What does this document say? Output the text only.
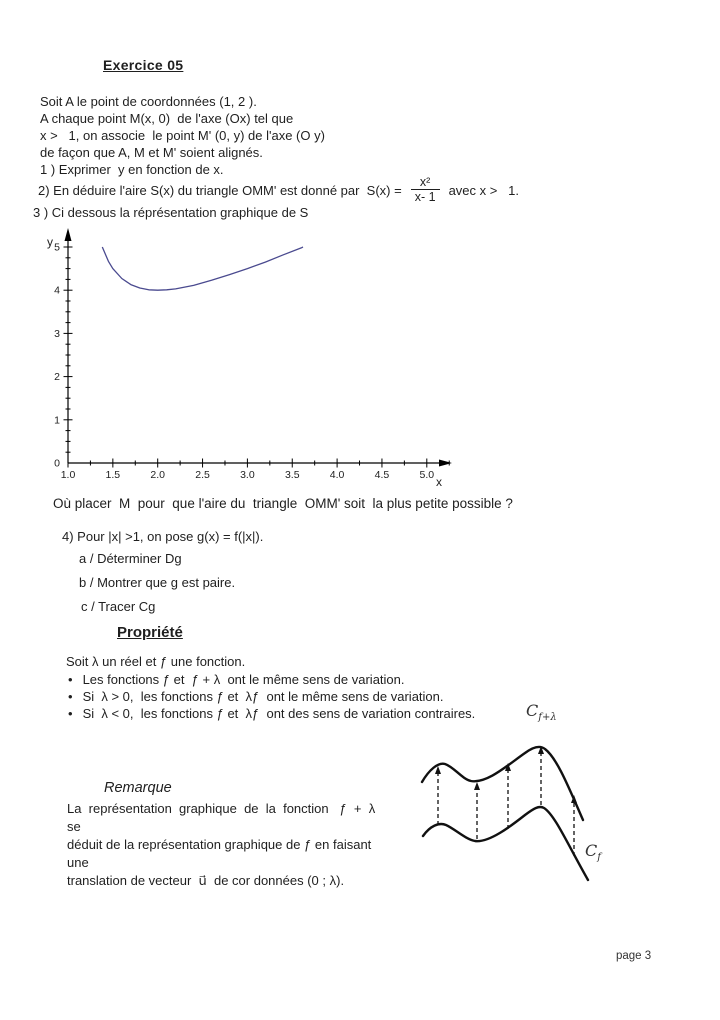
Exercice 05
Soit A le point de coordonnées (1, 2 ).
A chaque point M(x, 0)  de l'axe (Ox) tel que
x >   1, on associe  le point M' (0, y) de l'axe (O y)
de façon que A, M et M' soient alignés.
1 ) Exprimer  y en fonction de x.
2) En déduire l'aire S(x) du triangle OMM' est donné par  $S(x) = \frac{\text{x²}}{x- 1}$ avec x >   1.
3 ) Ci dessous la réprésentation graphique de S
1.0	1.5	2.0	2.5	3.0	3.5	4.0	4.5	5.0
0
1
2
3
4
5
y
x
Où placer  M  pour  que l'aire du  triangle  OMM' soit  la plus petite possible ?
4) Pour |x| >1, on pose g(x) = f(|x|).
a / Déterminer Dg
b / Montrer que g est paire.
c / Tracer Cg
Propriété
Soit λ un réel et ƒ une fonction.
• Les fonctions ƒ et  ƒ + λ  ont le même sens de variation.
• Si  λ > 0,  les fonctions ƒ et  λƒ  ont le même sens de variation.
• Si  λ < 0,  les fonctions ƒ et  λƒ  ont des sens de variation contraires.	$C_{f+\lambda}$
$C_f$
Remarque
La  représentation  graphique  de  la  fonction   ƒ  +  λ   se
déduit de la représentation graphique de ƒ en faisant une
translation de vecteur  u⃗  de cor données (0 ; λ).
page 3
